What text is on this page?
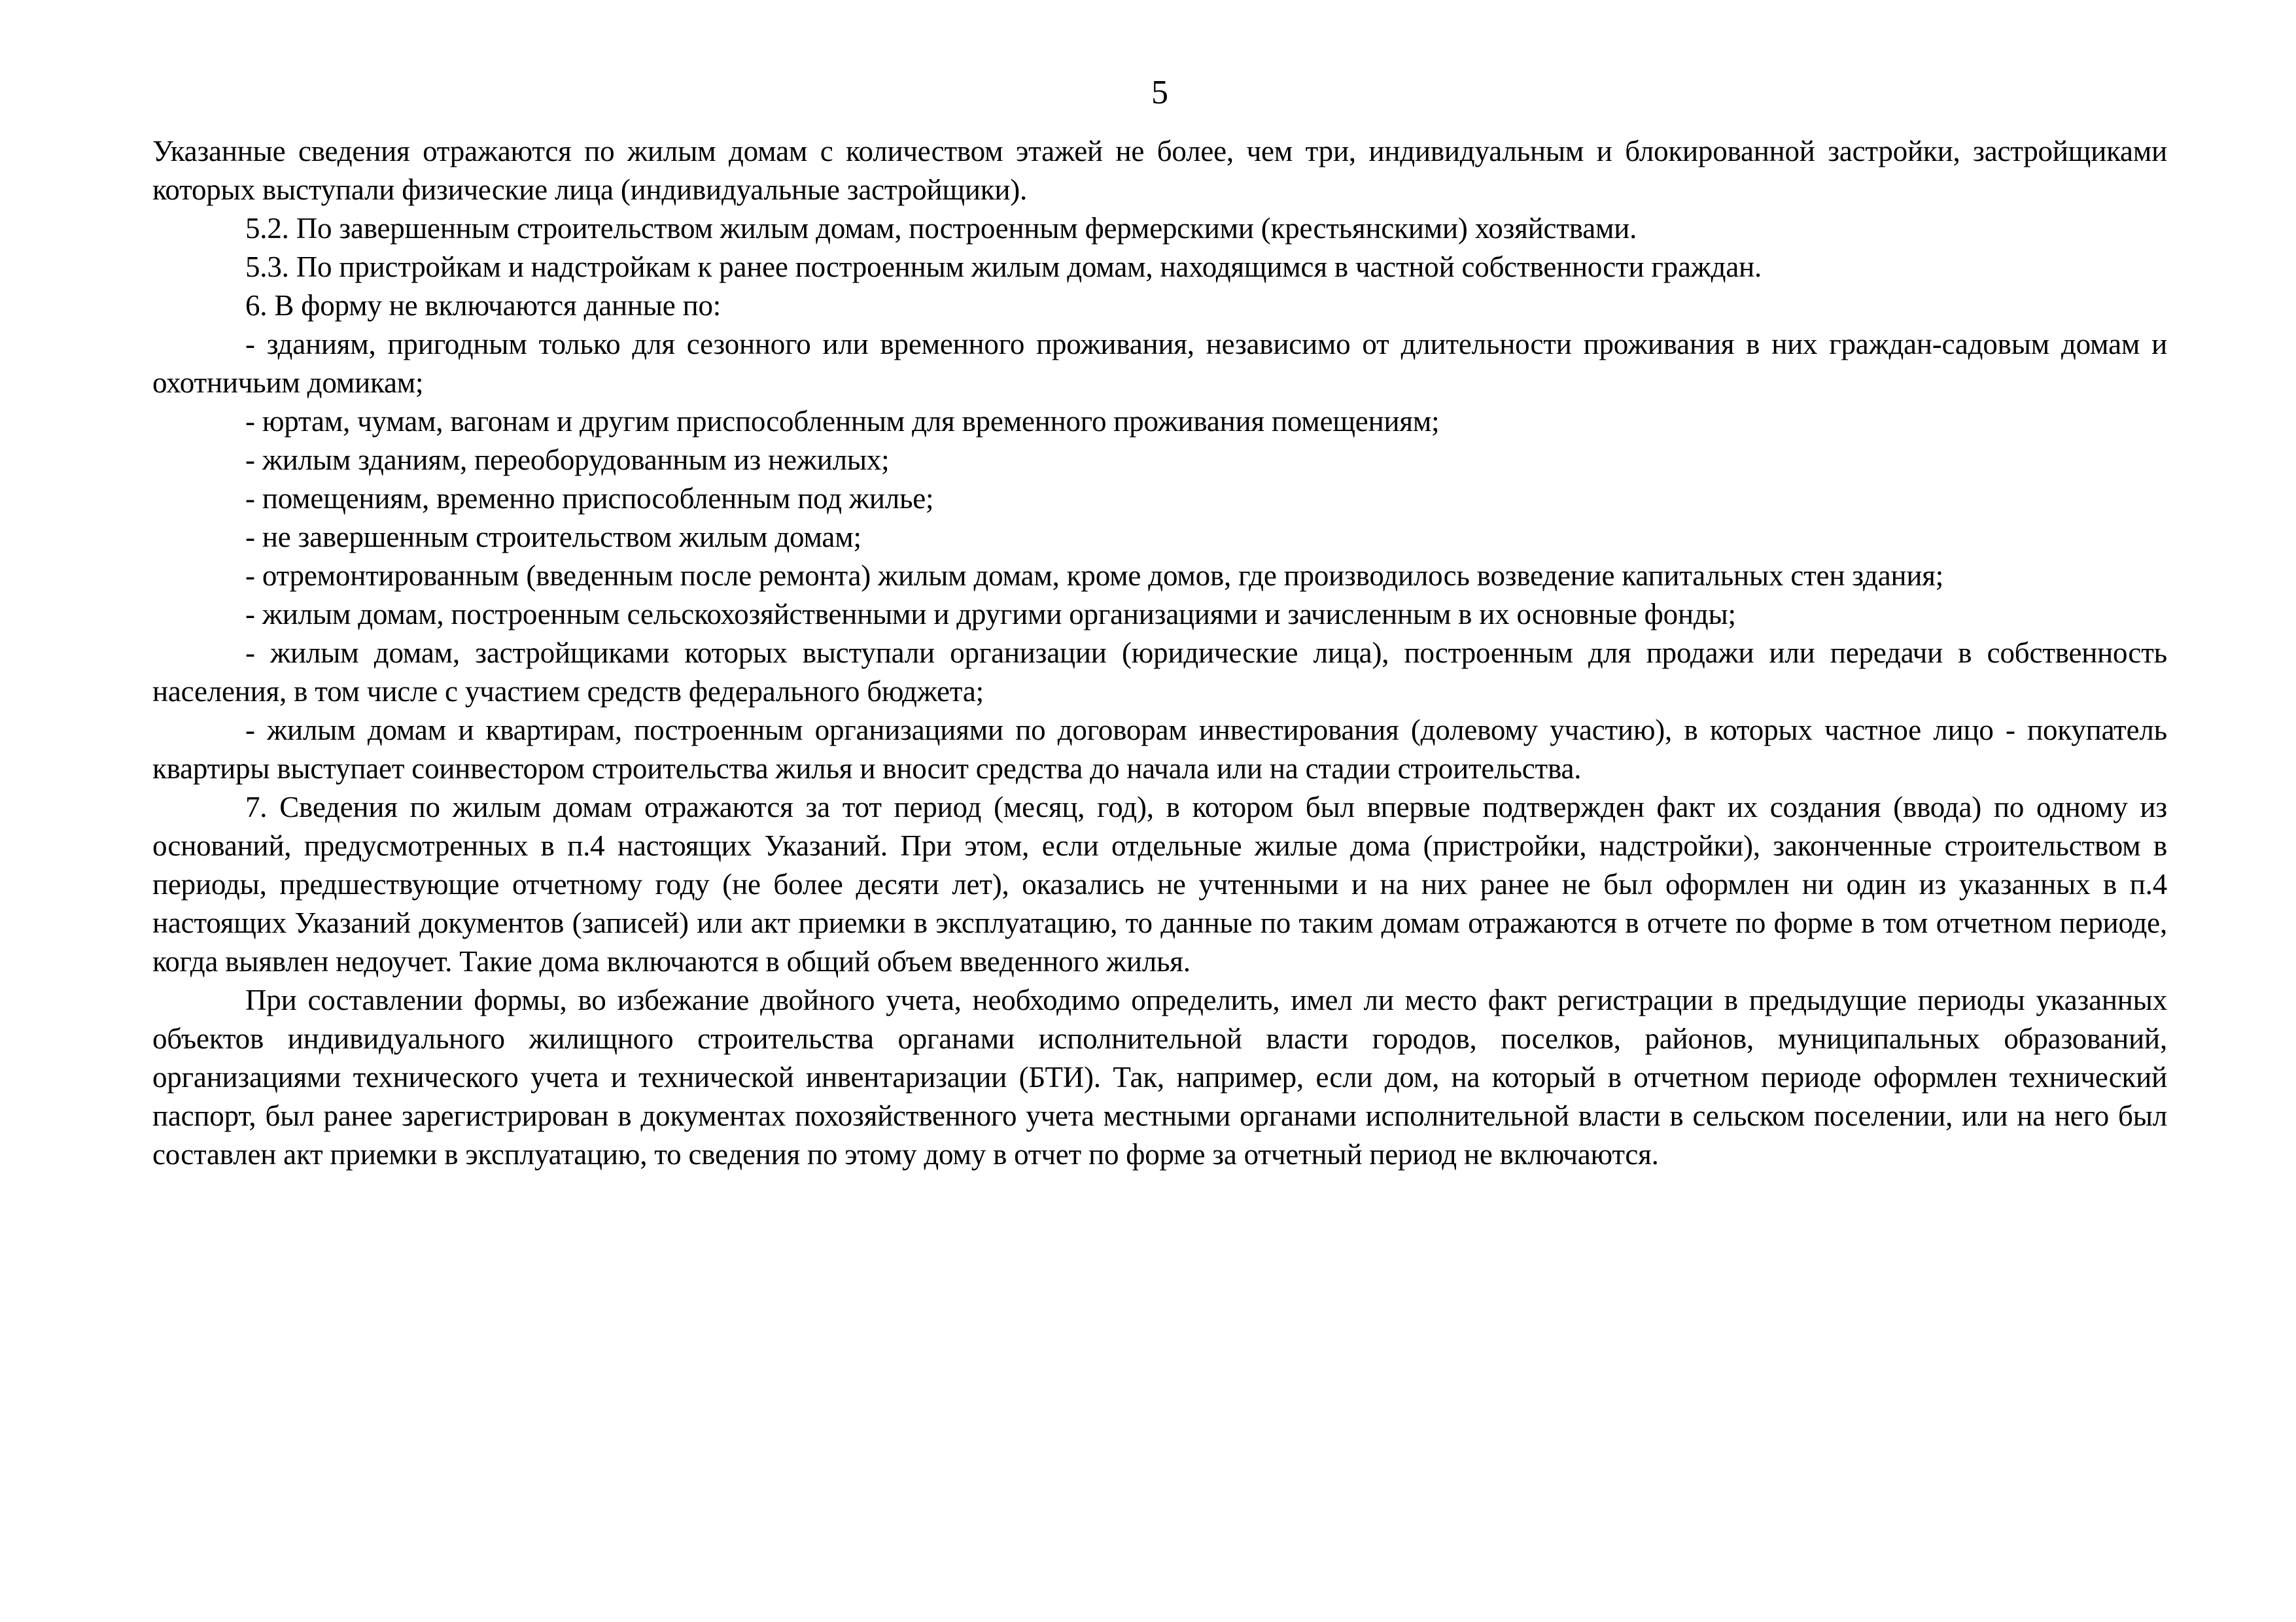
5

Указанные сведения отражаются по жилым домам с количеством этажей не более, чем три, индивидуальным и блокированной застройки, застройщиками которых выступали физические лица (индивидуальные застройщики).

5.2. По завершенным строительством жилым домам, построенным фермерскими (крестьянскими) хозяйствами.

5.3. По пристройкам и надстройкам к ранее построенным жилым домам, находящимся в частной собственности граждан.

6. В форму не включаются данные по:

- зданиям, пригодным только для сезонного или временного проживания, независимо от длительности проживания в них граждан-садовым домам и охотничьим домикам;

- юртам, чумам, вагонам и другим приспособленным для временного проживания помещениям;

- жилым зданиям, переоборудованным из нежилых;

- помещениям, временно приспособленным под жилье;

- не завершенным строительством жилым домам;

- отремонтированным (введенным после ремонта) жилым домам, кроме домов, где производилось возведение капитальных стен здания;

- жилым домам, построенным сельскохозяйственными и другими организациями и зачисленным в их основные фонды;

- жилым домам, застройщиками которых выступали организации (юридические лица), построенным для продажи или передачи в собственность населения, в том числе с участием средств федерального бюджета;

- жилым домам и квартирам, построенным организациями по договорам инвестирования (долевому участию), в которых частное лицо - покупатель квартиры выступает соинвестором строительства жилья и вносит средства до начала или на стадии строительства.

7. Сведения по жилым домам отражаются за тот период (месяц, год), в котором был впервые подтвержден факт их создания (ввода) по одному из оснований, предусмотренных в п.4 настоящих Указаний. При этом, если отдельные жилые дома (пристройки, надстройки), законченные строительством в периоды, предшествующие отчетному году (не более десяти лет), оказались не учтенными и на них ранее не был оформлен ни один из указанных в п.4 настоящих Указаний документов (записей) или акт приемки в эксплуатацию, то данные по таким домам отражаются в отчете по форме в том отчетном периоде, когда выявлен недоучет. Такие дома включаются в общий объем введенного жилья.

При составлении формы, во избежание двойного учета, необходимо определить, имел ли место факт регистрации в предыдущие периоды указанных объектов индивидуального жилищного строительства органами исполнительной власти городов, поселков, районов, муниципальных образований, организациями технического учета и технической инвентаризации (БТИ). Так, например, если дом, на который в отчетном периоде оформлен технический паспорт, был ранее зарегистрирован в документах похозяйственного учета местными органами исполнительной власти в сельском поселении, или на него был составлен акт приемки в эксплуатацию, то сведения по этому дому в отчет по форме за отчетный период не включаются.
